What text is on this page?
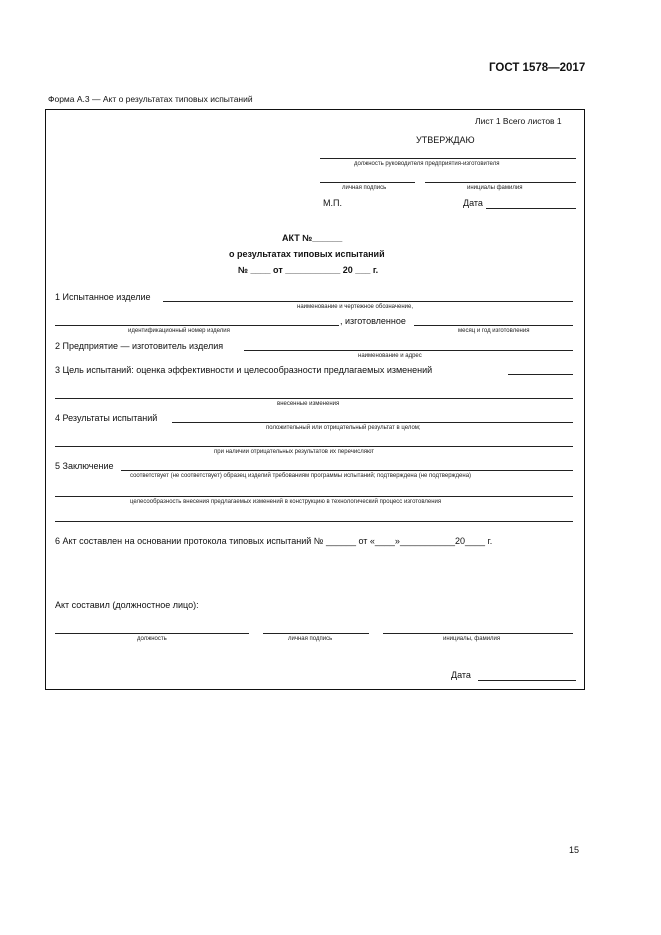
ГОСТ 1578—2017
Форма А.3 — Акт о результатах типовых испытаний
Лист 1 Всего листов 1
УТВЕРЖДАЮ
должность руководителя предприятия-изготовителя
личная подпись	инициалы фамилия
М.П.	Дата
АКТ №______
о результатах типовых испытаний
№ ____ от ___________ 20 ___ г.
1 Испытанное изделие
наименование и чертежное обозначение,
, изготовленное
идентификационный номер изделия	месяц и год изготовления
2 Предприятие — изготовитель изделия
наименование и адрес
3 Цель испытаний: оценка эффективности и целесообразности предлагаемых изменений
внесенные изменения
4 Результаты испытаний
положительный или отрицательный результат в целом;
при наличии отрицательных результатов их перечисляют
5 Заключение
соответствует (не соответствует) образец изделий требованиям программы испытаний; подтверждена (не подтверждена)
целесообразность внесения предлагаемых изменений в конструкцию в технологический процесс изготовления
6 Акт составлен на основании протокола типовых испытаний № ______ от «____»___________20____ г.
Акт составил (должностное лицо):
должность	личная подпись	инициалы, фамилия
Дата
15
